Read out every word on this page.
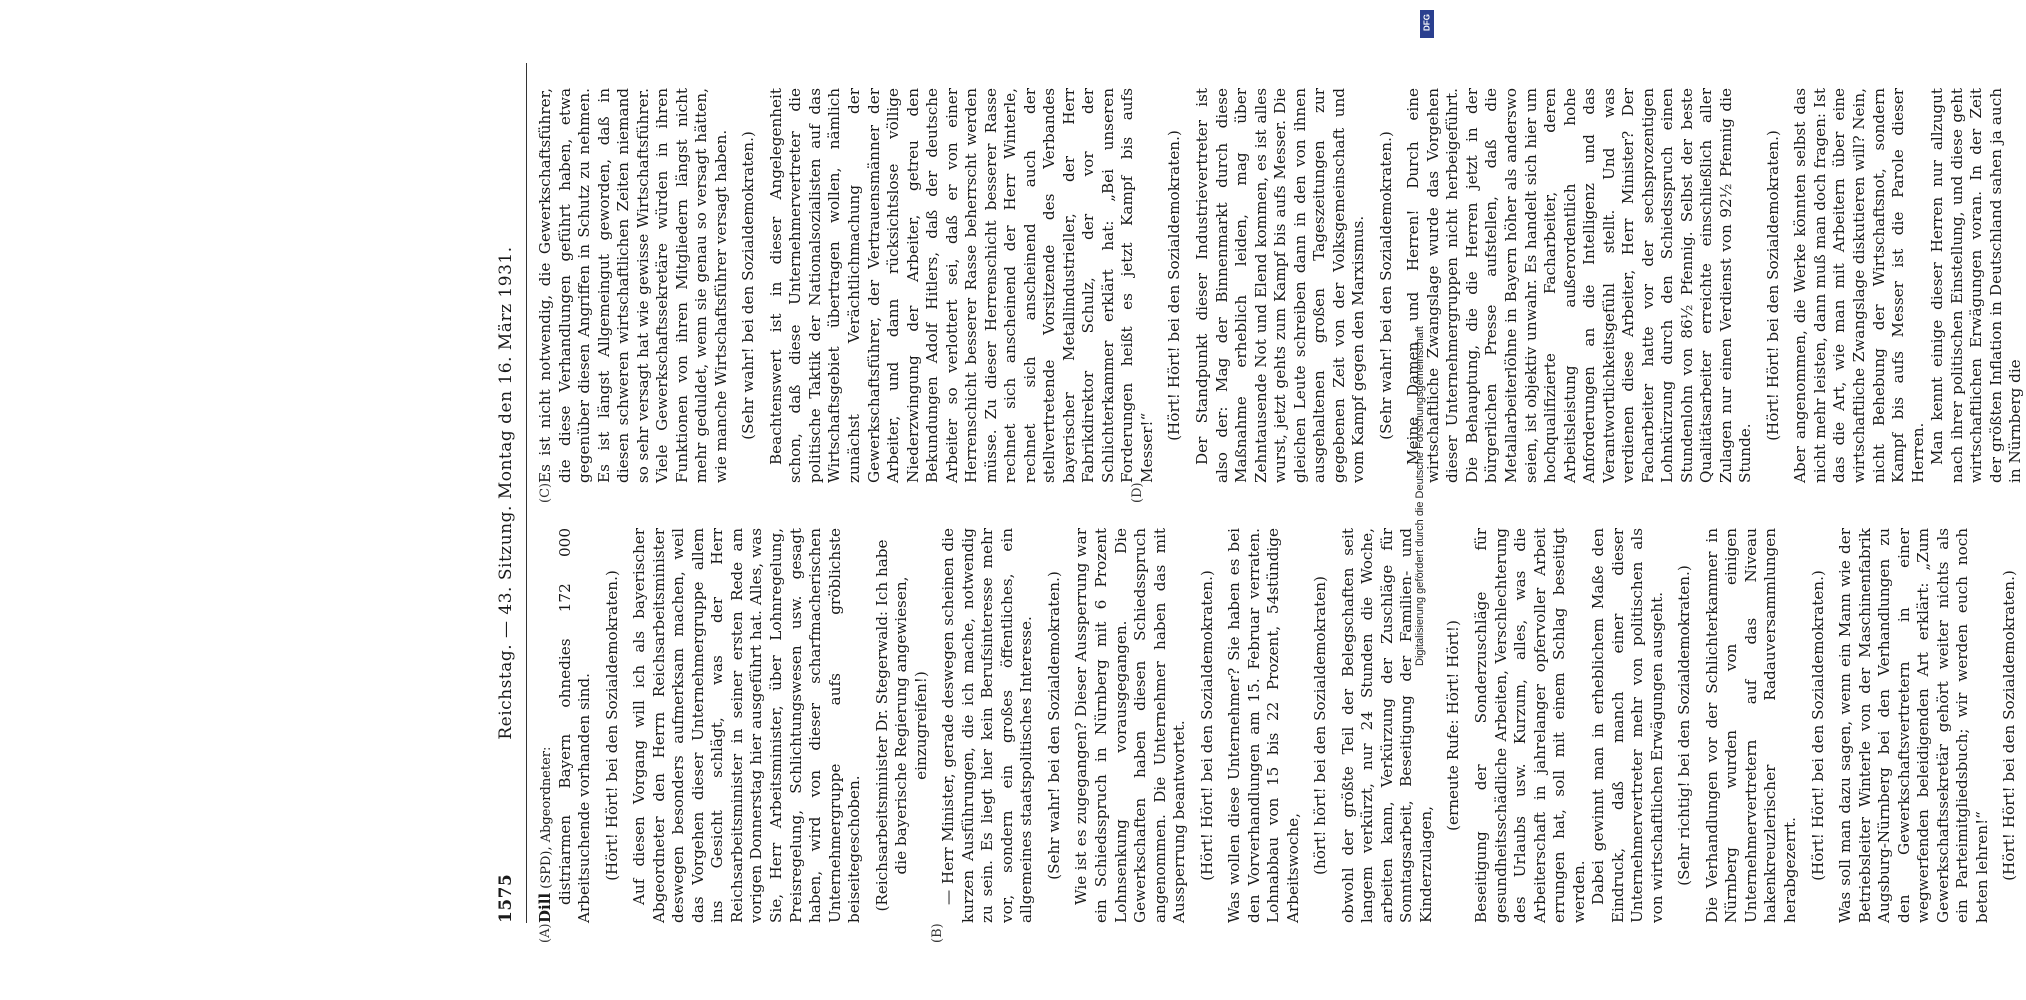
1575
Reichstag. — 43. Sitzung. Montag den 16. März 1931.
(A)	(B)

Dill (SPD), Abgeordneter: distriarmen Bayern ohnedies 172 000 Arbeitsuchende vorhanden sind. (Hört! Hört! bei den Sozialdemokraten.) Auf diesen Vorgang will ich als bayerischer Abgeordneter den Herrn Reichsarbeitsminister deswegen besonders aufmerksam machen, weil das Vorgehen dieser Unternehmergruppe allem ins Gesicht schlägt, was der Herr Reichsarbeitsminister in seiner ersten Rede am vorigen Donnerstag hier ausgeführt hat. Alles, was Sie, Herr Arbeitsminister, über Lohnregelung, Preisregelung, Schlichtungswesen usw. gesagt haben, wird von dieser scharfmacherischen Unternehmergruppe aufs gröblichste beiseitegeschoben. (Reichsarbeitsminister Dr. Stegerwald: Ich habe die bayerische Regierung angewiesen, einzugreifen!) — Herr Minister, gerade deswegen scheinen die kurzen Ausführungen, die ich mache, notwendig zu sein. Es liegt hier kein Berufsinteresse mehr vor, sondern ein großes öffentliches, ein allgemeines staatspolitisches Interesse. (Sehr wahr! bei den Sozialdemokraten.) Wie ist es zugegangen? Dieser Aussperrung war ein Schiedsspruch in Nürnberg mit 6 Prozent Lohnsenkung vorausgegangen. Die Gewerkschaften haben diesen Schiedsspruch angenommen. Die Unternehmer haben das mit Aussperrung beantwortet. (Hört! Hört! bei den Sozialdemokraten.) Was wollen diese Unternehmer? Sie haben es bei den Vorverhandlungen am 15. Februar verraten. Lohnabbau von 15 bis 22 Prozent, 54stündige Arbeitswoche, (hört! hört! bei den Sozialdemokraten) obwohl der größte Teil der Belegschaften seit langem verkürzt, nur 24 Stunden die Woche, arbeiten kann, Verkürzung der Zuschläge für Sonntagsarbeit, Beseitigung der Familien- und Kinderzulagen,

(erneute Rufe: Hört! Hört!) Beseitigung der Sonderzuschläge für gesundheitsschädliche Arbeiten, Verschlechterung des Urlaubs usw. Kurzum, alles, was die Arbeiterschaft in jahrelanger opfervoller Arbeit errungen hat, soll mit einem Schlag beseitigt werden. Dabei gewinnt man in erheblichem Maße den Eindruck, daß manch einer dieser Unternehmervertreter mehr von politischen als von wirtschaftlichen Erwägungen ausgeht. (Sehr richtig! bei den Sozialdemokraten.) Die Verhandlungen vor der Schlichterkammer in Nürnberg wurden von einigen Unternehmervertretern auf das Niveau hakenkreuzlerischer Radauversammlungen herabgezerrt. (Hört! Hört! bei den Sozialdemokraten.) Was soll man dazu sagen, wenn ein Mann wie der Betriebsleiter Winterle von der Maschinenfabrik Augsburg-Nürnberg bei den Verhandlungen zu den Gewerkschaftsvertretern in einer wegwerfenden beleidigenden Art erklärt: „Zum Gewerkschaftssekretär gehört weiter nichts als ein Parteimitgliedsbuch; wir werden euch noch beten lehren!“ (Hört! Hört! bei den Sozialdemokraten.)

(C)	(D)

Es ist nicht notwendig, die Gewerkschaftsführer, die diese Verhandlungen geführt haben, etwa gegenüber diesen Angriffen in Schutz zu nehmen. Es ist längst Allgemeingut geworden, daß in diesen schweren wirtschaftlichen Zeiten niemand so sehr versagt hat wie gewisse Wirtschaftsführer. Viele Gewerkschaftssekretäre würden in ihren Funktionen von ihren Mitgliedern längst nicht mehr geduldet, wenn sie genau so versagt hätten, wie manche Wirtschaftsführer versagt haben. (Sehr wahr! bei den Sozialdemokraten.) Beachtenswert ist in dieser Angelegenheit schon, daß diese Unternehmervertreter die politische Taktik der Nationalsozialisten auf das Wirtschaftsgebiet übertragen wollen, nämlich zunächst Verächtlichmachung der Gewerkschaftsführer, der Vertrauensmänner der Arbeiter, und dann rücksichtslose völlige Niederzwingung der Arbeiter, getreu den Bekundungen Adolf Hitlers, daß der deutsche Arbeiter so verlottert sei, daß er von einer Herrenschicht besserer Rasse beherrscht werden müsse. Zu dieser Herrenschicht besserer Rasse rechnet sich anscheinend der Herr Winterle, rechnet sich anscheinend auch der stellvertretende Vorsitzende des Verbandes bayerischer Metallindustrieller, der Herr Fabrikdirektor Schulz, der vor der Schlichterkammer erklärt hat: „Bei unseren Forderungen heißt es jetzt Kampf bis aufs Messer!“

(Hört! Hört! bei den Sozialdemokraten.) Der Standpunkt dieser Industrievertreter ist also der: Mag der Binnenmarkt durch diese Maßnahme erheblich leiden, mag über Zehntausende Not und Elend kommen, es ist alles wurst, jetzt gehts zum Kampf bis aufs Messer. Die gleichen Leute schreiben dann in den von ihnen ausgehaltenen großen Tageszeitungen zur gegebenen Zeit von der Volksgemeinschaft und vom Kampf gegen den Marxismus. (Sehr wahr! bei den Sozialdemokraten.) Meine Damen und Herren! Durch eine wirtschaftliche Zwangslage wurde das Vorgehen dieser Unternehmergruppen nicht herbeigeführt. Die Behauptung, die die Herren jetzt in der bürgerlichen Presse aufstellen, daß die Metallarbeiterlöhne in Bayern höher als anderswo seien, ist objektiv unwahr. Es handelt sich hier um hochqualifizierte Facharbeiter, deren Arbeitsleistung außerordentlich hohe Anforderungen an die Intelligenz und das Verantwortlichkeitsgefühl stellt. Und was verdienen diese Arbeiter, Herr Minister? Der Facharbeiter hatte vor der sechsprozentigen Lohnkürzung durch den Schiedsspruch einen Stundenlohn von 86½ Pfennig. Selbst der beste Qualitätsarbeiter erreichte einschließlich aller Zulagen nur einen Verdienst von 92½ Pfennig die Stunde.

(Hört! Hört! bei den Sozialdemokraten.) Aber angenommen, die Werke könnten selbst das nicht mehr leisten, dann muß man doch fragen: Ist das die Art, wie man mit Arbeitern über eine wirtschaftliche Zwangslage diskutieren will? Nein, nicht Behebung der Wirtschaftsnot, sondern Kampf bis aufs Messer ist die Parole dieser Herren. Man kennt einige dieser Herren nur allzugut nach ihrer politischen Einstellung, und diese geht wirtschaftlichen Erwägungen voran. In der Zeit der größten Inflation in Deutschland sahen ja auch in Nürnberg die

Digitalisierung gefördert durch die Deutsche Forschungsgemeinschaft
DFG
